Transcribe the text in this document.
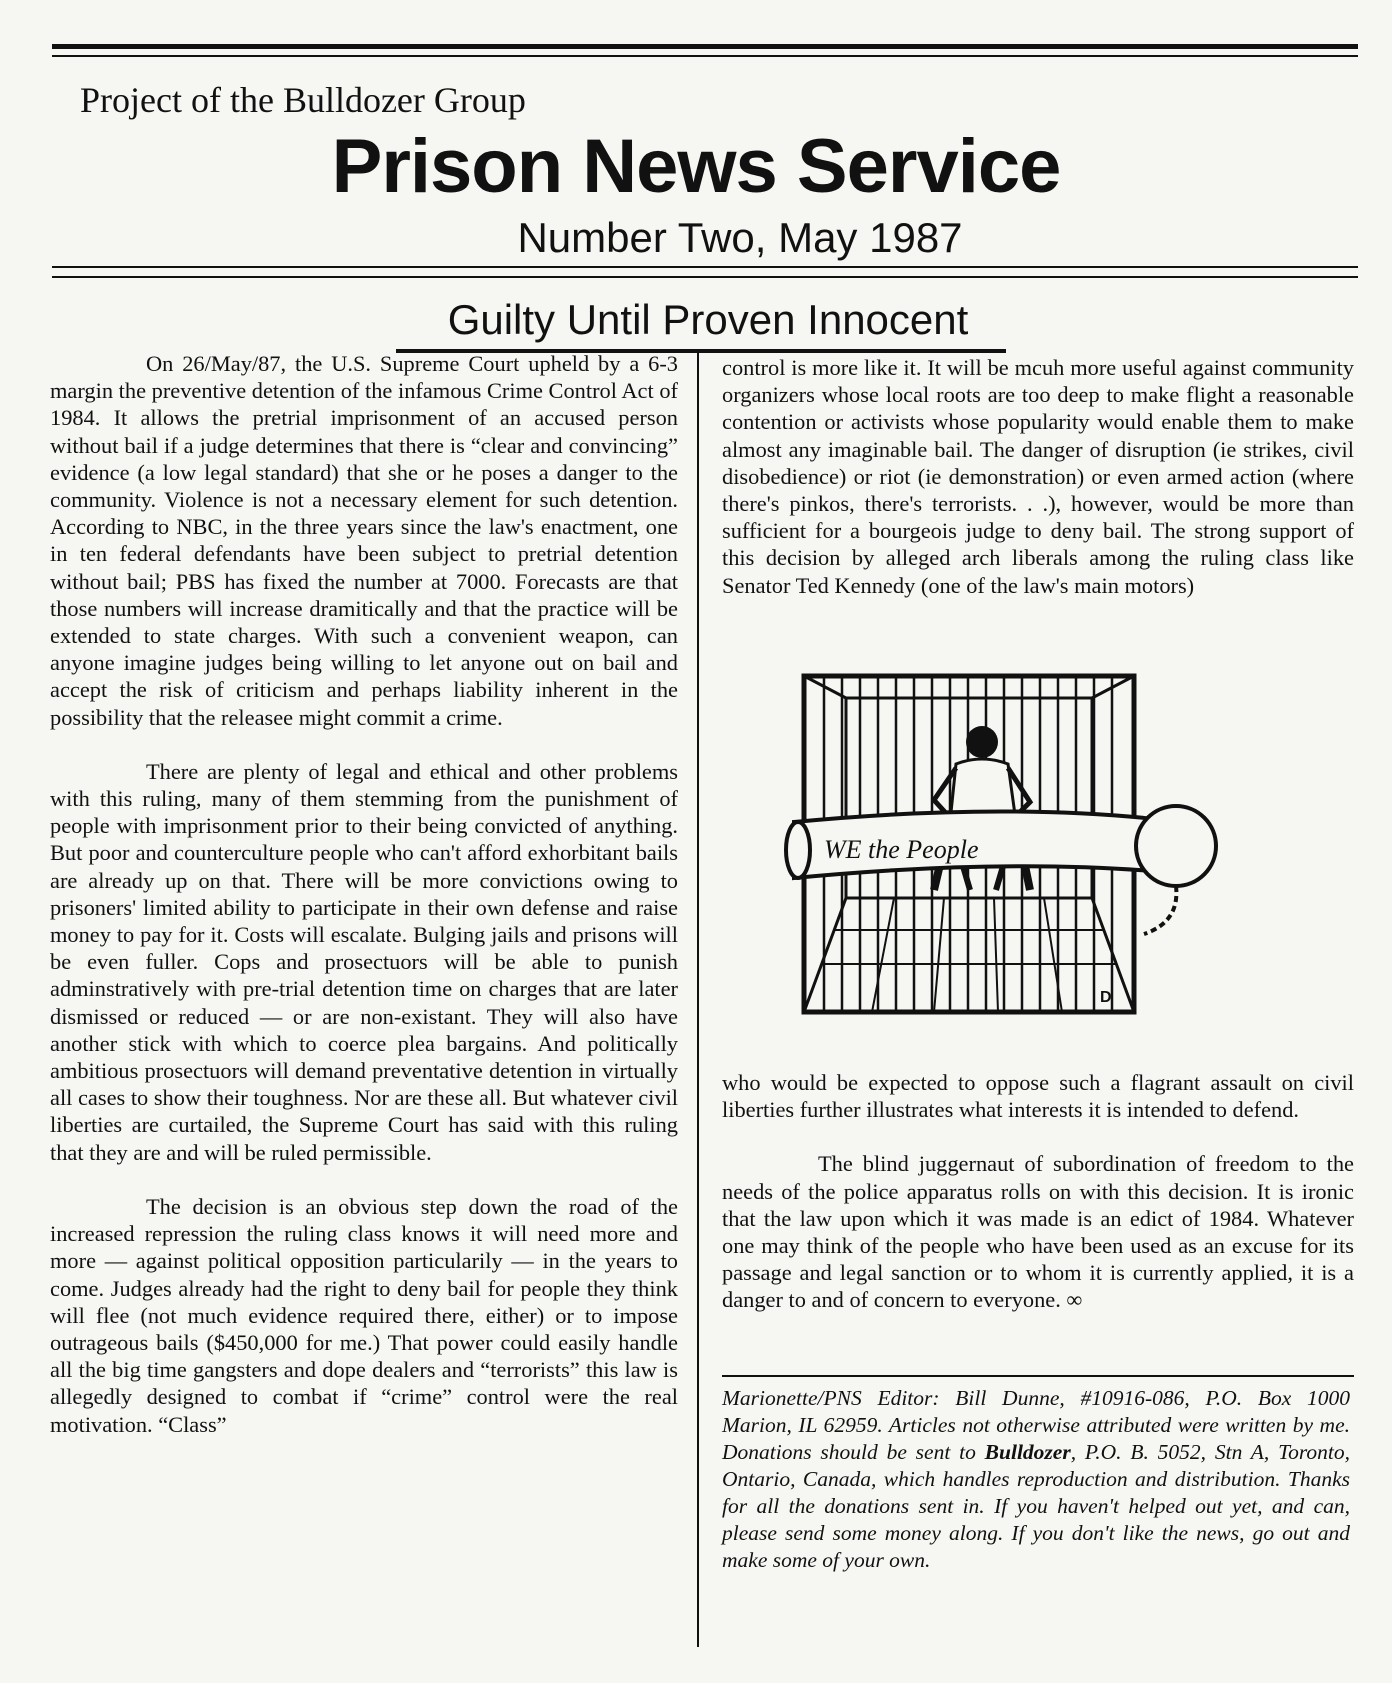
Project of the Bulldozer Group
Prison News Service
Number Two, May 1987
Guilty Until Proven Innocent

On 26/May/87, the U.S. Supreme Court upheld by a 6-3 margin the preventive detention of the infamous Crime Control Act of 1984. It allows the pretrial imprisonment of an accused person without bail if a judge determines that there is “clear and convincing” evidence (a low legal standard) that she or he poses a danger to the community. Violence is not a necessary element for such detention. According to NBC, in the three years since the law's enactment, one in ten federal defendants have been subject to pretrial detention without bail; PBS has fixed the number at 7000. Forecasts are that those numbers will increase dramitically and that the practice will be extended to state charges. With such a convenient weapon, can anyone imagine judges being willing to let anyone out on bail and accept the risk of criticism and perhaps liability inherent in the possibility that the releasee might commit a crime.

There are plenty of legal and ethical and other problems with this ruling, many of them stemming from the punishment of people with imprisonment prior to their being convicted of anything. But poor and counterculture people who can't afford exhorbitant bails are already up on that. There will be more convictions owing to prisoners' limited ability to participate in their own defense and raise money to pay for it. Costs will escalate. Bulging jails and prisons will be even fuller. Cops and prosectuors will be able to punish adminstratively with pre-trial detention time on charges that are later dismissed or reduced — or are non-existant. They will also have another stick with which to coerce plea bargains. And politically ambitious prosectuors will demand preventative detention in virtually all cases to show their toughness. Nor are these all. But whatever civil liberties are curtailed, the Supreme Court has said with this ruling that they are and will be ruled permissible.

The decision is an obvious step down the road of the increased repression the ruling class knows it will need more and more — against political opposition particularily — in the years to come. Judges already had the right to deny bail for people they think will flee (not much evidence required there, either) or to impose outrageous bails ($450,000 for me.) That power could easily handle all the big time gangsters and dope dealers and “terrorists” this law is allegedly designed to combat if “crime” control were the real motivation. “Class”

control is more like it. It will be mcuh more useful against community organizers whose local roots are too deep to make flight a reasonable contention or activists whose popularity would enable them to make almost any imaginable bail. The danger of disruption (ie strikes, civil disobedience) or riot (ie demonstration) or even armed action (where there's pinkos, there's terrorists. . .), however, would be more than sufficient for a bourgeois judge to deny bail. The strong support of this decision by alleged arch liberals among the ruling class like Senator Ted Kennedy (one of the law's main motors)

WE the People
D

who would be expected to oppose such a flagrant assault on civil liberties further illustrates what interests it is intended to defend.

The blind juggernaut of subordination of freedom to the needs of the police apparatus rolls on with this decision. It is ironic that the law upon which it was made is an edict of 1984. Whatever one may think of the people who have been used as an excuse for its passage and legal sanction or to whom it is currently applied, it is a danger to and of concern to everyone. ∞

Marionette/PNS Editor: Bill Dunne, #10916-086, P.O. Box 1000 Marion, IL 62959. Articles not otherwise attributed were written by me. Donations should be sent to Bulldozer, P.O. B. 5052, Stn A, Toronto, Ontario, Canada, which handles reproduction and distribution. Thanks for all the donations sent in. If you haven't helped out yet, and can, please send some money along. If you don't like the news, go out and make some of your own.
